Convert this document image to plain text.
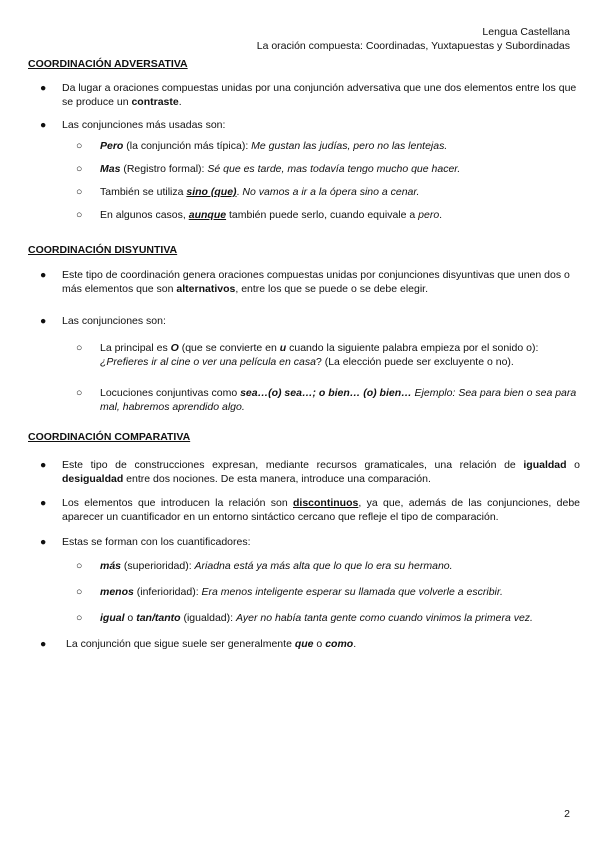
Lengua Castellana
La oración compuesta: Coordinadas, Yuxtapuestas y Subordinadas
COORDINACIÓN ADVERSATIVA
● Da lugar a oraciones compuestas unidas por una conjunción adversativa que une dos elementos entre los que se produce un contraste.
● Las conjunciones más usadas son:
○ Pero (la conjunción más típica): Me gustan las judías, pero no las lentejas.
○ Mas (Registro formal): Sé que es tarde, mas todavía tengo mucho que hacer.
○ También se utiliza sino (que). No vamos a ir a la ópera sino a cenar.
○ En algunos casos, aunque también puede serlo, cuando equivale a pero.
COORDINACIÓN DISYUNTIVA
● Este tipo de coordinación genera oraciones compuestas unidas por conjunciones disyuntivas que unen dos o más elementos que son alternativos, entre los que se puede o se debe elegir.
● Las conjunciones son:
○ La principal es O (que se convierte en u cuando la siguiente palabra empieza por el sonido o): ¿Prefieres ir al cine o ver una película en casa? (La elección puede ser excluyente o no).
○ Locuciones conjuntivas como sea…(o) sea…; o bien… (o) bien… Ejemplo: Sea para bien o sea para mal, habremos aprendido algo.
COORDINACIÓN COMPARATIVA
● Este tipo de construcciones expresan, mediante recursos gramaticales, una relación de igualdad o desigualdad entre dos nociones. De esta manera, introduce una comparación.
● Los elementos que introducen la relación son discontinuos, ya que, además de las conjunciones, debe aparecer un cuantificador en un entorno sintáctico cercano que refleje el tipo de comparación.
● Estas se forman con los cuantificadores:
○ más (superioridad): Ariadna está ya más alta que lo que lo era su hermano.
○ menos (inferioridad): Era menos inteligente esperar su llamada que volverle a escribir.
○ igual o tan/tanto (igualdad): Ayer no había tanta gente como cuando vinimos la primera vez.
● La conjunción que sigue suele ser generalmente que o como.
2
